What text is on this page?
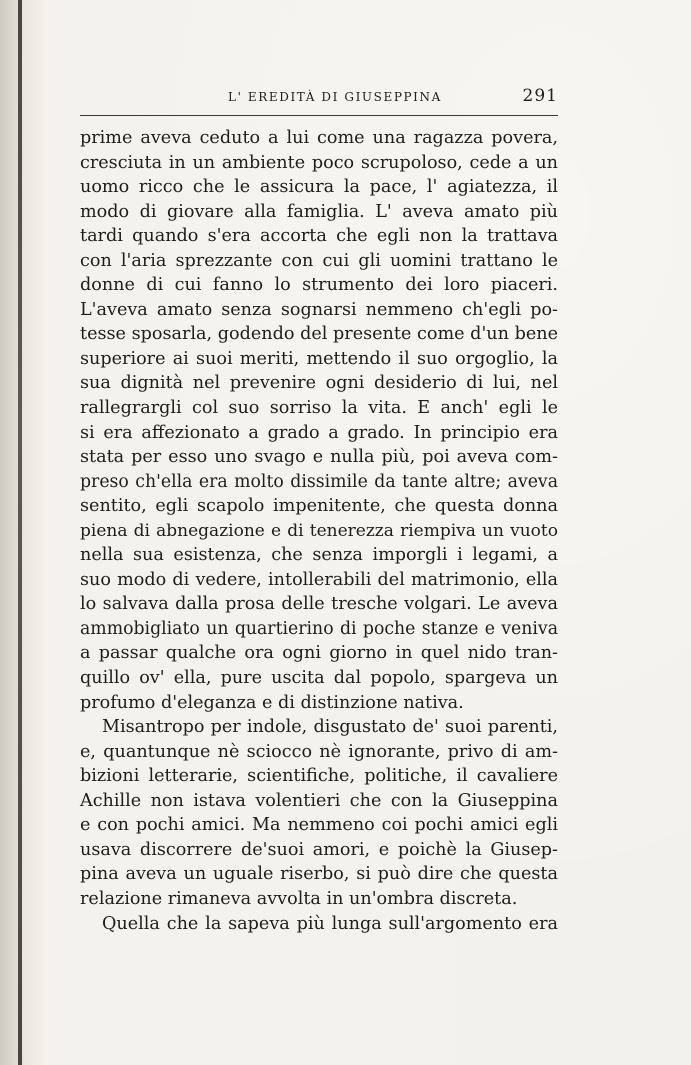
L' EREDITÀ DI GIUSEPPINA	291
prime aveva ceduto a lui come una ragazza povera,
cresciuta in un ambiente poco scrupoloso, cede a un
uomo ricco che le assicura la pace, l' agiatezza, il
modo di giovare alla famiglia. L' aveva amato più
tardi quando s'era accorta che egli non la trattava
con l'aria sprezzante con cui gli uomini trattano le
donne di cui fanno lo strumento dei loro piaceri.
L'aveva amato senza sognarsi nemmeno ch'egli po-
tesse sposarla, godendo del presente come d'un bene
superiore ai suoi meriti, mettendo il suo orgoglio, la
sua dignità nel prevenire ogni desiderio di lui, nel
rallegrargli col suo sorriso la vita. E anch' egli le
si era affezionato a grado a grado. In principio era
stata per esso uno svago e nulla più, poi aveva com-
preso ch'ella era molto dissimile da tante altre; aveva
sentito, egli scapolo impenitente, che questa donna
piena di abnegazione e di tenerezza riempiva un vuoto
nella sua esistenza, che senza imporgli i legami, a
suo modo di vedere, intollerabili del matrimonio, ella
lo salvava dalla prosa delle tresche volgari. Le aveva
ammobigliato un quartierino di poche stanze e veniva
a passar qualche ora ogni giorno in quel nido tran-
quillo ov' ella, pure uscita dal popolo, spargeva un
profumo d'eleganza e di distinzione nativa.
Misantropo per indole, disgustato de' suoi parenti,
e, quantunque nè sciocco nè ignorante, privo di am-
bizioni letterarie, scientifiche, politiche, il cavaliere
Achille non istava volentieri che con la Giuseppina
e con pochi amici. Ma nemmeno coi pochi amici egli
usava discorrere de'suoi amori, e poichè la Giusep-
pina aveva un uguale riserbo, si può dire che questa
relazione rimaneva avvolta in un'ombra discreta.
Quella che la sapeva più lunga sull'argomento era
